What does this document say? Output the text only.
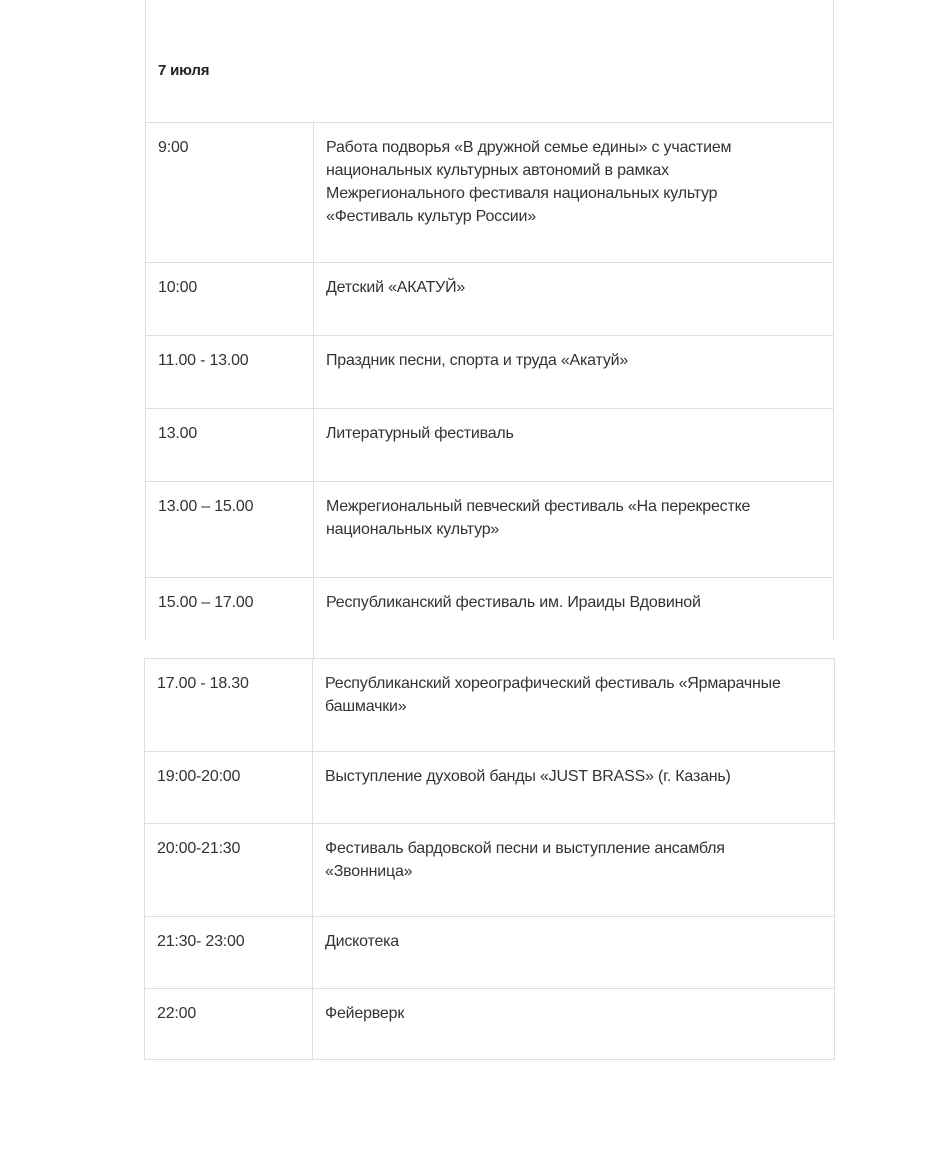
7 июля
9:00	Работа подворья «В дружной семье едины» с участием
национальных культурных автономий в рамках
Межрегионального фестиваля национальных культур
«Фестиваль культур России»
10:00	Детский «АКАТУЙ»
11.00 - 13.00	Праздник песни, спорта и труда «Акатуй»
13.00	Литературный фестиваль
13.00 – 15.00	Межрегиональный певческий фестиваль «На перекрестке
национальных культур»
15.00 – 17.00	Республиканский фестиваль им. Ираиды Вдовиной
17.00 - 18.30	Республиканский хореографический фестиваль «Ярмарачные
башмачки»
19:00-20:00	Выступление духовой банды «JUST BRASS» (г. Казань)
20:00-21:30	Фестиваль бардовской песни и выступление ансамбля
«Звонница»
21:30- 23:00	Дискотека
22:00	Фейерверк
